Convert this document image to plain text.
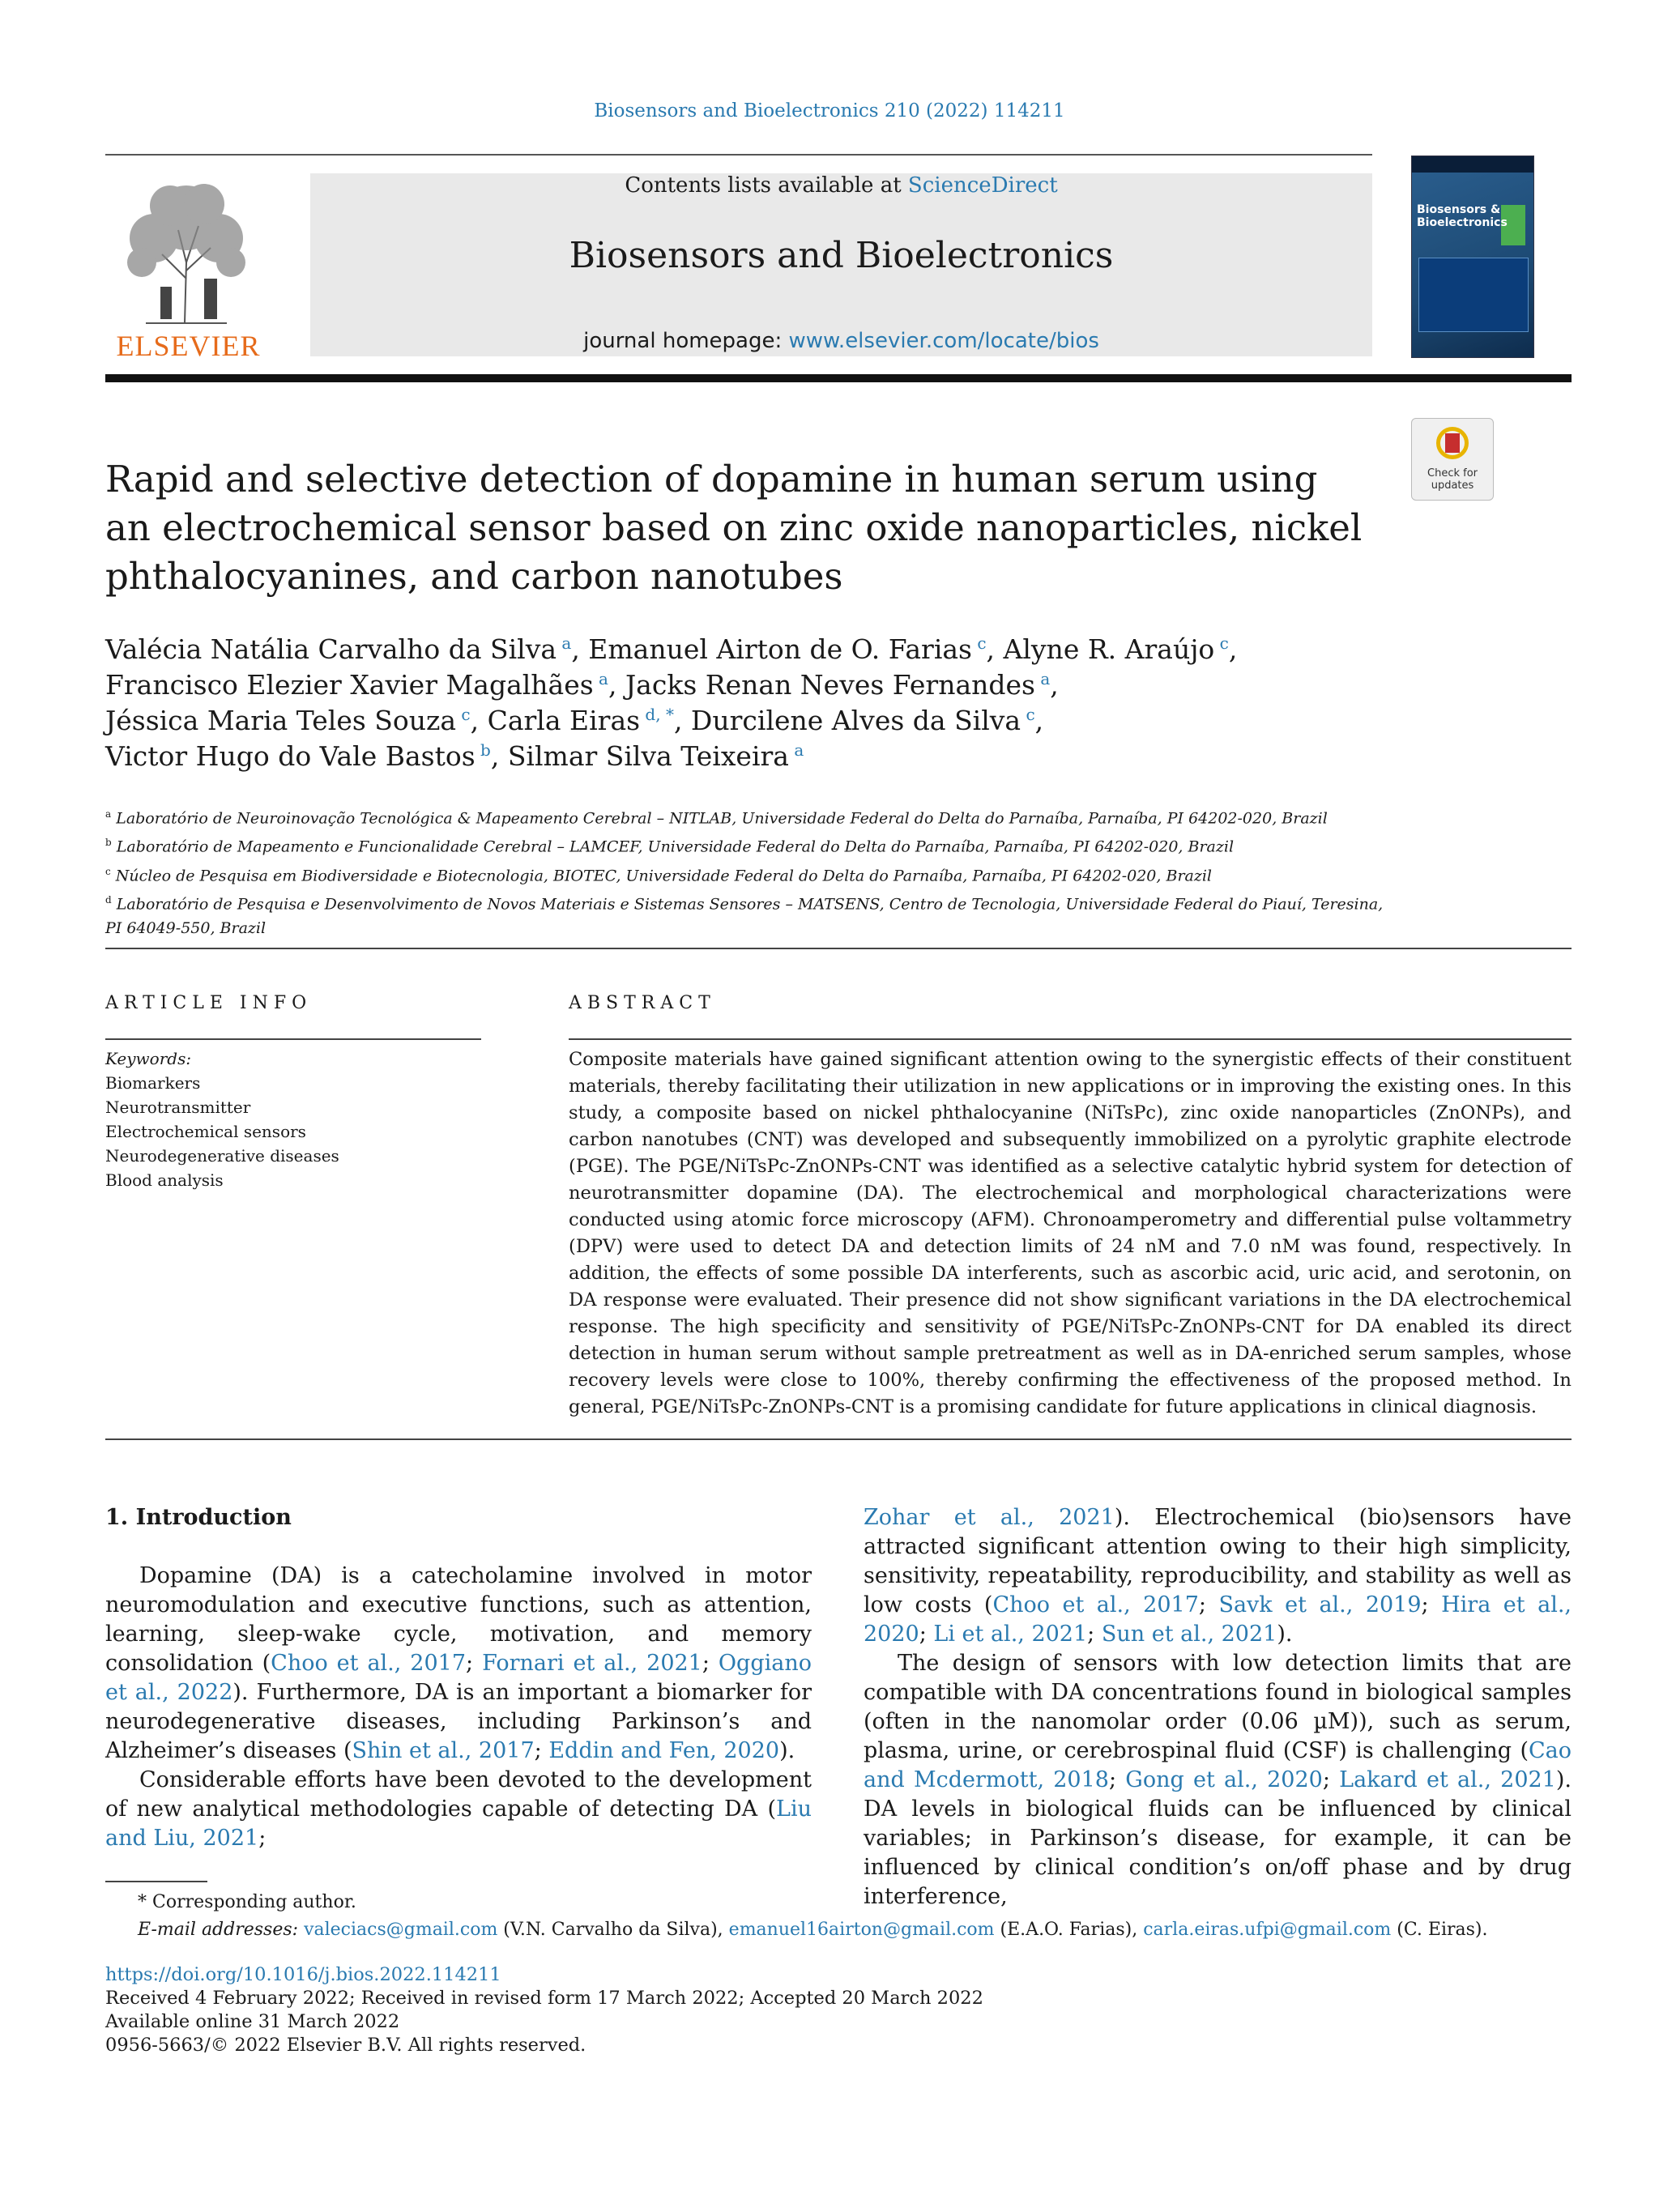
Biosensors and Bioelectronics 210 (2022) 114211
ELSEVIER
Contents lists available at ScienceDirect
Biosensors and Bioelectronics
journal homepage: www.elsevier.com/locate/bios
Biosensors & Bioelectronics
Check for updates
Rapid and selective detection of dopamine in human serum using an electrochemical sensor based on zinc oxide nanoparticles, nickel phthalocyanines, and carbon nanotubes
Valécia Natália Carvalho da Silva $^a$, Emanuel Airton de O. Farias $^c$, Alyne R. Araújo $^c$,
Francisco Elezier Xavier Magalhães $^a$, Jacks Renan Neves Fernandes $^a$,
Jéssica Maria Teles Souza $^c$, Carla Eiras $^{d, *}$, Durcilene Alves da Silva $^c$,
Victor Hugo do Vale Bastos $^b$, Silmar Silva Teixeira $^a$
$^a$ Laboratório de Neuroinovação Tecnológica & Mapeamento Cerebral – NITLAB, Universidade Federal do Delta do Parnaíba, Parnaíba, PI 64202-020, Brazil
$^b$ Laboratório de Mapeamento e Funcionalidade Cerebral – LAMCEF, Universidade Federal do Delta do Parnaíba, Parnaíba, PI 64202-020, Brazil
$^c$ Núcleo de Pesquisa em Biodiversidade e Biotecnologia, BIOTEC, Universidade Federal do Delta do Parnaíba, Parnaíba, PI 64202-020, Brazil
$^d$ Laboratório de Pesquisa e Desenvolvimento de Novos Materiais e Sistemas Sensores – MATSENS, Centro de Tecnologia, Universidade Federal do Piauí, Teresina, PI 64049-550, Brazil
ARTICLE INFO
Keywords:
Biomarkers
Neurotransmitter
Electrochemical sensors
Neurodegenerative diseases
Blood analysis
ABSTRACT
Composite materials have gained significant attention owing to the synergistic effects of their constituent materials, thereby facilitating their utilization in new applications or in improving the existing ones. In this study, a composite based on nickel phthalocyanine (NiTsPc), zinc oxide nanoparticles (ZnONPs), and carbon nanotubes (CNT) was developed and subsequently immobilized on a pyrolytic graphite electrode (PGE). The PGE/NiTsPc-ZnONPs-CNT was identified as a selective catalytic hybrid system for detection of neurotransmitter dopamine (DA). The electrochemical and morphological characterizations were conducted using atomic force microscopy (AFM). Chronoamperometry and differential pulse voltammetry (DPV) were used to detect DA and detection limits of 24 nM and 7.0 nM was found, respectively. In addition, the effects of some possible DA interferents, such as ascorbic acid, uric acid, and serotonin, on DA response were evaluated. Their presence did not show significant variations in the DA electrochemical response. The high specificity and sensitivity of PGE/NiTsPc-ZnONPs-CNT for DA enabled its direct detection in human serum without sample pretreatment as well as in DA-enriched serum samples, whose recovery levels were close to 100%, thereby confirming the effectiveness of the proposed method. In general, PGE/NiTsPc-ZnONPs-CNT is a promising candidate for future applications in clinical diagnosis.
1. Introduction

Dopamine (DA) is a catecholamine involved in motor neuromodulation and executive functions, such as attention, learning, sleep-wake cycle, motivation, and memory consolidation (Choo et al., 2017; Fornari et al., 2021; Oggiano et al., 2022). Furthermore, DA is an important a biomarker for neurodegenerative diseases, including Parkinson’s and Alzheimer’s diseases (Shin et al., 2017; Eddin and Fen, 2020).

Considerable efforts have been devoted to the development of new analytical methodologies capable of detecting DA (Liu and Liu, 2021;

Zohar et al., 2021). Electrochemical (bio)sensors have attracted significant attention owing to their high simplicity, sensitivity, repeatability, reproducibility, and stability as well as low costs (Choo et al., 2017; Savk et al., 2019; Hira et al., 2020; Li et al., 2021; Sun et al., 2021).

The design of sensors with low detection limits that are compatible with DA concentrations found in biological samples (often in the nanomolar order (0.06 µM)), such as serum, plasma, urine, or cerebrospinal fluid (CSF) is challenging (Cao and Mcdermott, 2018; Gong et al., 2020; Lakard et al., 2021). DA levels in biological fluids can be influenced by clinical variables; in Parkinson’s disease, for example, it can be influenced by clinical condition’s on/off phase and by drug interference,

* Corresponding author.
E-mail addresses: valeciacs@gmail.com (V.N. Carvalho da Silva), emanuel16airton@gmail.com (E.A.O. Farias), carla.eiras.ufpi@gmail.com (C. Eiras).
https://doi.org/10.1016/j.bios.2022.114211
Received 4 February 2022; Received in revised form 17 March 2022; Accepted 20 March 2022
Available online 31 March 2022
0956-5663/© 2022 Elsevier B.V. All rights reserved.
